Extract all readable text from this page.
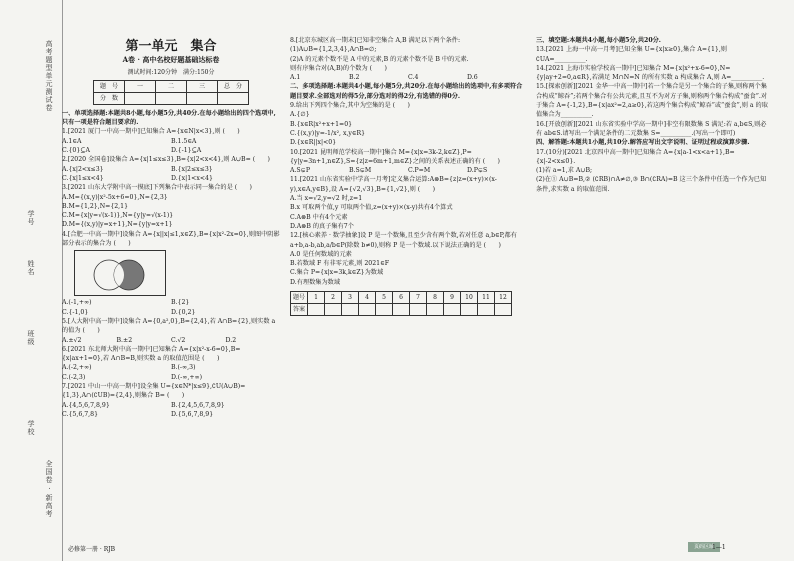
高考题型单元测试卷
学号
姓名
班级
学校
全国卷 · 新高考
第一单元　集合
A卷 · 高中名校好题基础达标卷
测试时间:120分钟　满分:150分
题　号	一	二	三	总　分
分　数				

一、单项选择题:本题共8小题,每小题5分,共40分.在每小题给出的四个选项中,只有一项是符合题目要求的.

1.[2021 厦门一中高一期中]已知集合 A={x∈N|x<3},则 (　　)

A.1∈A	B.1.5∈A
C.{0}⊆A	D.{-1}⊆A

2.[2020 全国卷]设集合 A={x|1≤x≤3},B={x|2<x<4},则 A∪B= (　　)

A.{x|2<x≤3}	B.{x|2≤x≤3}
C.{x|1≤x<4}	D.{x|1<x<4}

3.[2021 山东大学附中高一摸底]下列集合中表示同一集合的是 (　　)

A.M={(x,y)|x²-5x+6=0},N={2,3}

B.M={1,2},N={2,1}

C.M={x|y=√(x-1)},N={y|y=√(x-1)}

D.M={(x,y)|y=x+1},N={y|y=x+1}

4.[合肥一中高一期中]设集合 A={x||x|≤1,x∈Z},B={x|x²-2x=0},则图中阴影部分表示的集合为 (　　)

A.(-1,+∞)	B.{2}
C.{-1,0}	D.{0,2}

5.[人大附中高一期中]设集合 A={0,a²,0},B={2,4},若 A∩B={2},则实数 a 的值为 (　　)

A.±√2	B.±2	C.√2	D.2

6.[2021 东北师大附中高一期中]已知集合 A={x|x²-x-6=0},B={x|ax+1=0},若 A∩B=B,则实数 a 的取值范围是 (　　)

A.(-2,+∞)	B.(-∞,3)
C.(-2,3)	D.(-∞,+∞)

7.[2021 中山一中高一期中]设全集 U={x∈N*|x≤9},∁U(A∪B)={1,3},A∩(∁UB)={2,4},则集合 B= (　　)

A.{4,5,6,7,8,9}	B.{2,4,5,6,7,8,9}
C.{5,6,7,8}	D.{5,6,7,8,9}

8.[北京东城区高一期末]已知非空集合 A,B 满足以下两个条件:

(1)A∪B={1,2,3,4},A∩B=∅;

(2)A 的元素个数不是 A 中的元素,B 的元素个数不是 B 中的元素.

则有序集合对(A,B)的个数为 (　　)

A.1	B.2	C.4	D.6

二、多项选择题:本题共4小题,每小题5分,共20分.在每小题给出的选项中,有多项符合题目要求.全部选对的得5分,部分选对的得2分,有选错的得0分.

9.给出下列四个集合,其中为空集的是 (　　)

A.{∅}

B.{x∈R|x²+x+1=0}

C.{(x,y)|y=-1/x², x,y∈R}

D.{x∈R||x|<0}

10.[2021 昆明师范学校高一期中]集合 M={x|x=3k-2,k∈Z},P={y|y=3n+1,n∈Z},S={z|z=6m+1,m∈Z}之间的关系表述正确的有 (　　)

A.S⊊P	B.S⊊M	C.P=M	D.P⊊S

11.[2021 山东省实验中学高一月考]定义集合运算:A⊗B={z|z=(x+y)×(x-y),x∈A,y∈B},设 A={√2,√3},B={1,√2},则 (　　)

A.当 x=√2,y=√2 时,z=1

B.x 可取两个值,y 可取两个值,z=(x+y)×(x-y)共有4个算式

C.A⊗B 中有4个元素

D.A⊗B 的真子集有7个

12.[核心素养 · 数学抽象]设 P 是一个数集,且至少含有两个数,若对任意 a,b∈P,都有 a+b,a-b,ab,a/b∈P(除数 b≠0),则称 P 是一个数域.以下说法正确的是 (　　)

A.0 是任何数域的元素

B.若数域 F 有非零元素,则 2021∈F

C.集合 P={x|x=3k,k∈Z}为数域

D.有理数集为数域

题号	1	2	3	4	5	6	7	8	9	10	11	12
答案												

三、填空题:本题共4小题,每小题5分,共20分.

13.[2021 上海一中高一月考]已知全集 U={x|x≥0},集合 A={1},则 ∁UA=__________.

14.[2021 上海市实验学校高一期中]已知集合 M={x|x²+x-6=0},N={y|ay+2=0,a∈R},若满足 M∩N=N 的所有实数 a 构成集合 A,则 A=__________.

15.[探索创新][2021 金华一中高一期中]若一个集合是另一个集合的子集,则称两个集合构成“鲸吞”;若两个集合有公共元素,且互不为对方子集,则称两个集合构成“蚕食”.对于集合 A={-1,2},B={x|ax²=2,a≥0},若这两个集合构成“鲸吞”或“蚕食”,则 a 的取值集合为__________.

16.[开放创新][2021 山东省实验中学高一期中]非空有限数集 S 满足:若 a,b∈S,则必有 ab∈S.请写出一个满足条件的二元数集 S=__________.(写出一个即可)

四、解答题:本题共1小题,共10分.解答应写出文字说明、证明过程或演算步骤.

17.(10分)[2021 北京四中高一期中]已知集合 A={x|a-1<x<a+1},B={x|-2<x≤0}.

(1)若 a=1,求 A∪B;

(2)在① A∪B=B,② (∁RB)∩A≠∅,③ B∩(∁RA)=B 这三个条件中任选一个作为已知条件,求实数 a 的取值范围.

必修第一册 · RJB	页码区域
1—1
